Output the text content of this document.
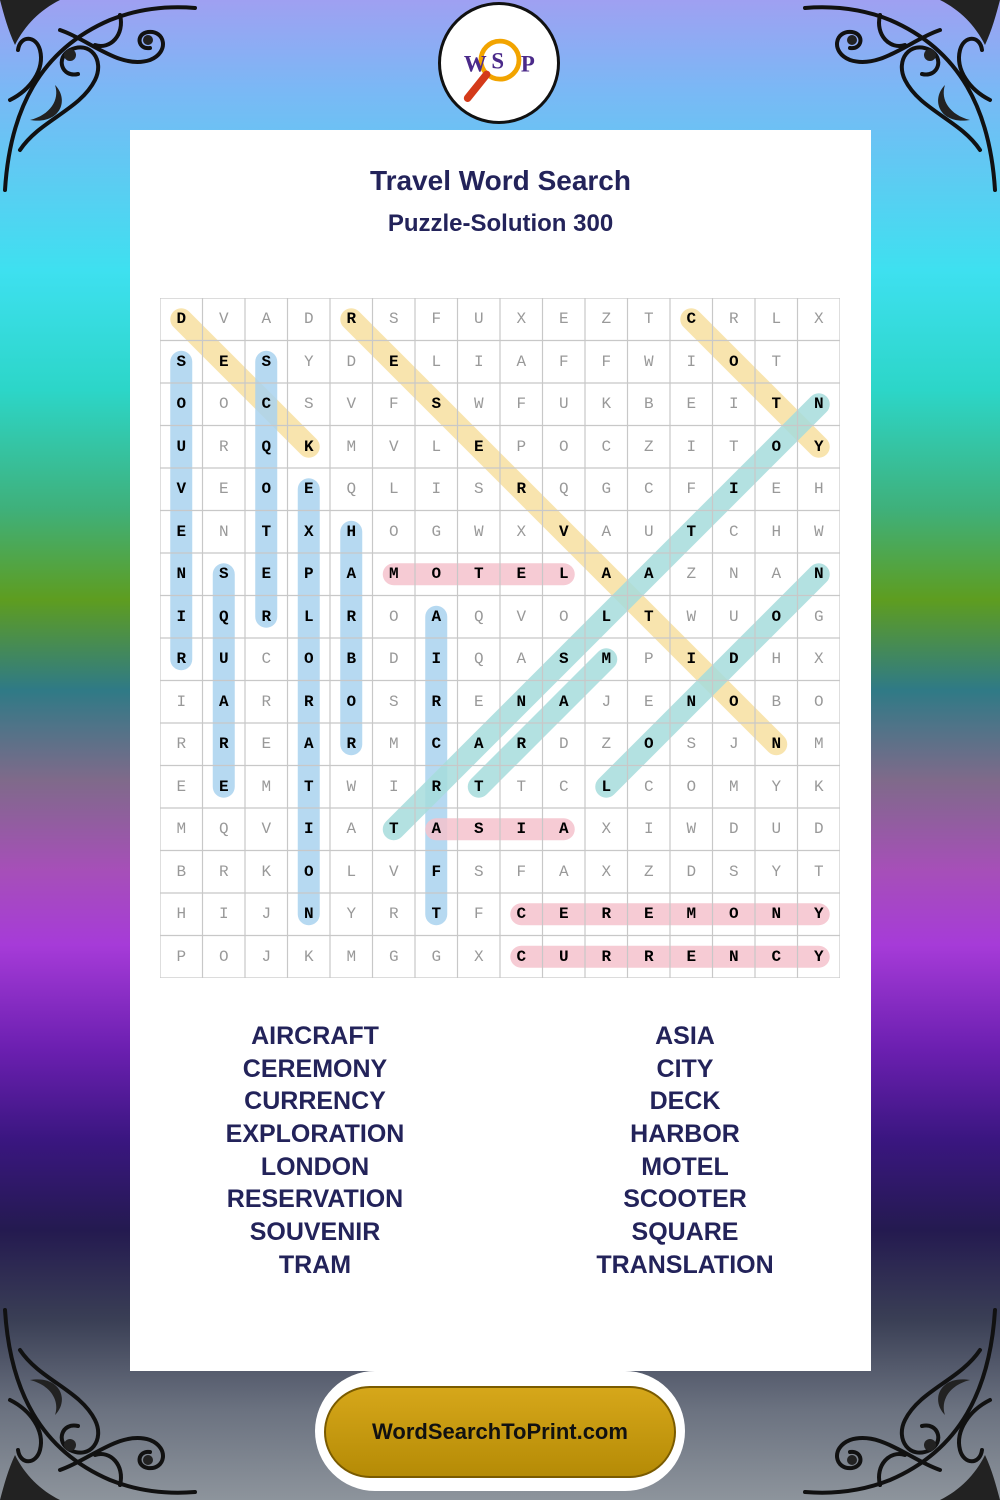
W S P
Travel Word Search
Puzzle-Solution 300
D	V	A	D	R	S	F	U	X	E	Z	T	C	R	L	X
S	E	S	Y	D	E	L	I	A	F	F	W	I	O	T
O	O	C	S	V	F	S	W	F	U	K	B	E	I	T	N
U	R	Q	K	M	V	L	E	P	O	C	Z	I	T	O	Y
V	E	O	E	Q	L	I	S	R	Q	G	C	F	I	E	H
E	N	T	X	H	O	G	W	X	V	A	U	T	C	H	W
N	S	E	P	A	M	O	T	E	L	A	A	Z	N	A	N
I	Q	R	L	R	O	A	Q	V	O	L	T	W	U	O	G
R	U	C	O	B	D	I	Q	A	S	M	P	I	D	H	X
I	A	R	R	O	S	R	E	N	A	J	E	N	O	B	O
R	R	E	A	R	M	C	A	R	D	Z	O	S	J	N	M
E	E	M	T	W	I	R	T	T	C	L	C	O	M	Y	K
M	Q	V	I	A	T	A	S	I	A	X	I	W	D	U	D
B	R	K	O	L	V	F	S	F	A	X	Z	D	S	Y	T
H	I	J	N	Y	R	T	F	C	E	R	E	M	O	N	Y
P	O	J	K	M	G	G	X	C	U	R	R	E	N	C	Y
AIRCRAFT
CEREMONY
CURRENCY
EXPLORATION
LONDON
RESERVATION
SOUVENIR
TRAM
ASIA
CITY
DECK
HARBOR
MOTEL
SCOOTER
SQUARE
TRANSLATION
WordSearchToPrint.com
